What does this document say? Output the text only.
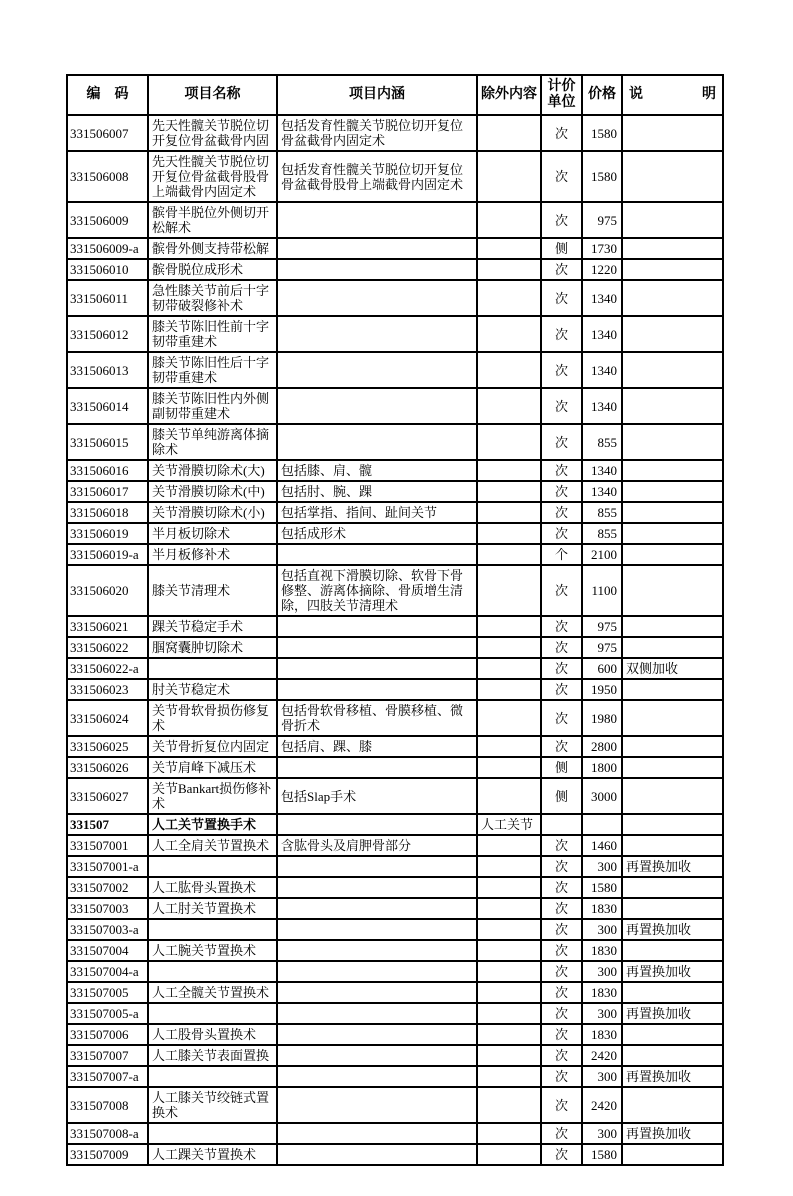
编　码	项目名称	项目内涵	除外内容	计价单位	价格	说明
331506007	先天性髋关节脱位切开复位骨盆截骨内固	包括发育性髋关节脱位切开复位骨盆截骨内固定术		次	1580	
331506008	先天性髋关节脱位切开复位骨盆截骨股骨上端截骨内固定术	包括发育性髋关节脱位切开复位骨盆截骨股骨上端截骨内固定术		次	1580	
331506009	髌骨半脱位外侧切开松解术			次	975	
331506009-a	髌骨外侧支持带松解			侧	1730	
331506010	髌骨脱位成形术			次	1220	
331506011	急性膝关节前后十字韧带破裂修补术			次	1340	
331506012	膝关节陈旧性前十字韧带重建术			次	1340	
331506013	膝关节陈旧性后十字韧带重建术			次	1340	
331506014	膝关节陈旧性内外侧副韧带重建术			次	1340	
331506015	膝关节单纯游离体摘除术			次	855	
331506016	关节滑膜切除术(大)	包括膝、肩、髋		次	1340	
331506017	关节滑膜切除术(中)	包括肘、腕、踝		次	1340	
331506018	关节滑膜切除术(小)	包括掌指、指间、趾间关节		次	855	
331506019	半月板切除术	包括成形术		次	855	
331506019-a	半月板修补术			个	2100	
331506020	膝关节清理术	包括直视下滑膜切除、软骨下骨修整、游离体摘除、骨质增生清除，四肢关节清理术		次	1100	
331506021	踝关节稳定手术			次	975	
331506022	腘窝囊肿切除术			次	975	
331506022-a				次	600	双侧加收
331506023	肘关节稳定术			次	1950	
331506024	关节骨软骨损伤修复术	包括骨软骨移植、骨膜移植、微骨折术		次	1980	
331506025	关节骨折复位内固定	包括肩、踝、膝		次	2800	
331506026	关节肩峰下减压术			侧	1800	
331506027	关节Bankart损伤修补术	包括Slap手术		侧	3000	
331507	人工关节置换手术		人工关节			
331507001	人工全肩关节置换术	含肱骨头及肩胛骨部分		次	1460	
331507001-a				次	300	再置换加收
331507002	人工肱骨头置换术			次	1580	
331507003	人工肘关节置换术			次	1830	
331507003-a				次	300	再置换加收
331507004	人工腕关节置换术			次	1830	
331507004-a				次	300	再置换加收
331507005	人工全髋关节置换术			次	1830	
331507005-a				次	300	再置换加收
331507006	人工股骨头置换术			次	1830	
331507007	人工膝关节表面置换			次	2420	
331507007-a				次	300	再置换加收
331507008	人工膝关节绞链式置换术			次	2420	
331507008-a				次	300	再置换加收
331507009	人工踝关节置换术			次	1580	
